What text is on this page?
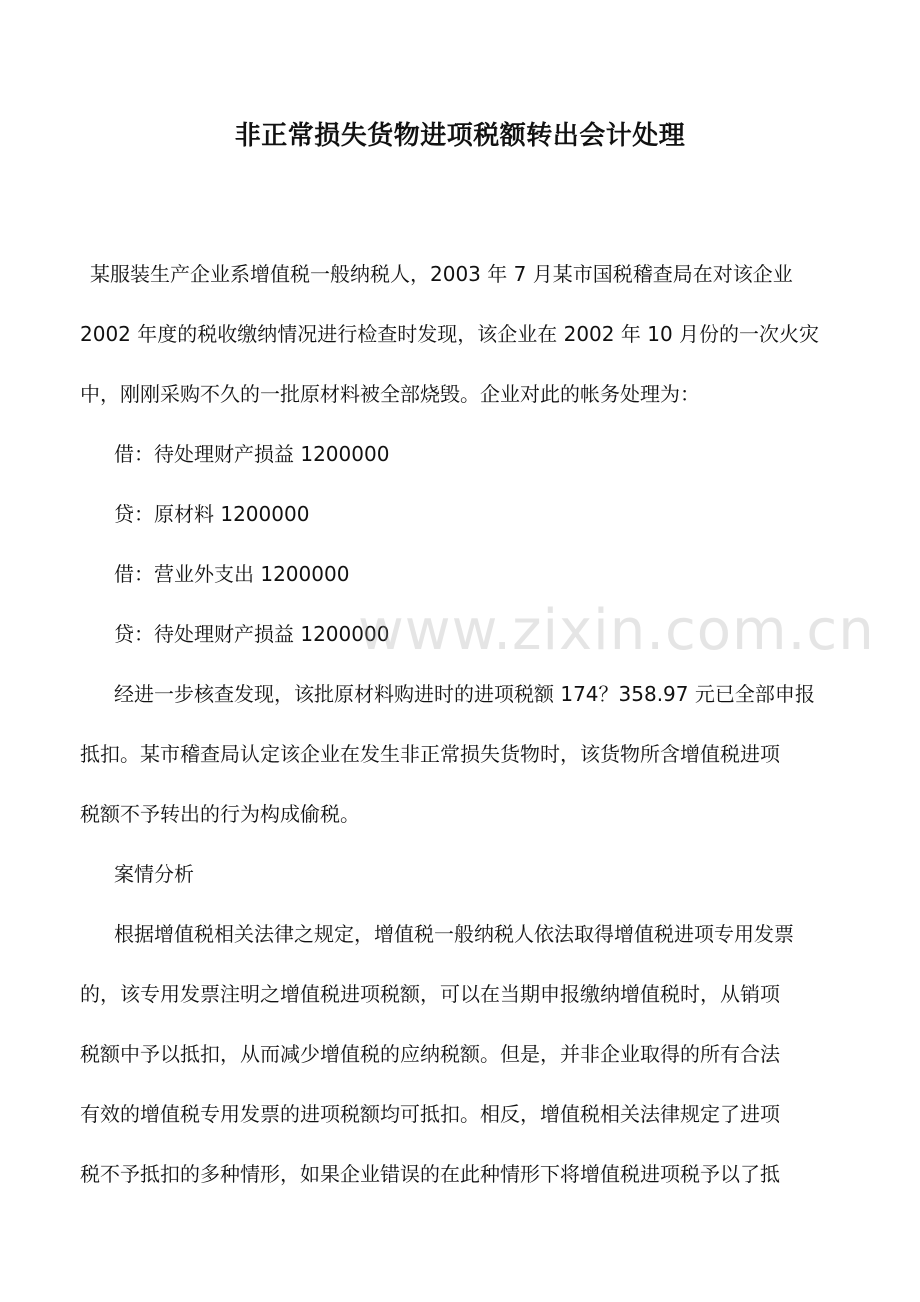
非正常损失货物进项税额转出会计处理
某服装生产企业系增值税一般纳税人，2003 年 7 月某市国税稽查局在对该企业
2002 年度的税收缴纳情况进行检查时发现，该企业在 2002 年 10 月份的一次火灾
中，刚刚采购不久的一批原材料被全部烧毁。企业对此的帐务处理为：
借：待处理财产损益 1200000
贷：原材料 1200000
借：营业外支出 1200000
贷：待处理财产损益 1200000
经进一步核查发现，该批原材料购进时的进项税额 174？358.97 元已全部申报
抵扣。某市稽查局认定该企业在发生非正常损失货物时，该货物所含增值税进项
税额不予转出的行为构成偷税。
案情分析
根据增值税相关法律之规定，增值税一般纳税人依法取得增值税进项专用发票
的，该专用发票注明之增值税进项税额，可以在当期申报缴纳增值税时，从销项
税额中予以抵扣，从而减少增值税的应纳税额。但是，并非企业取得的所有合法
有效的增值税专用发票的进项税额均可抵扣。相反，增值税相关法律规定了进项
税不予抵扣的多种情形，如果企业错误的在此种情形下将增值税进项税予以了抵
www.zixin.com.cn
